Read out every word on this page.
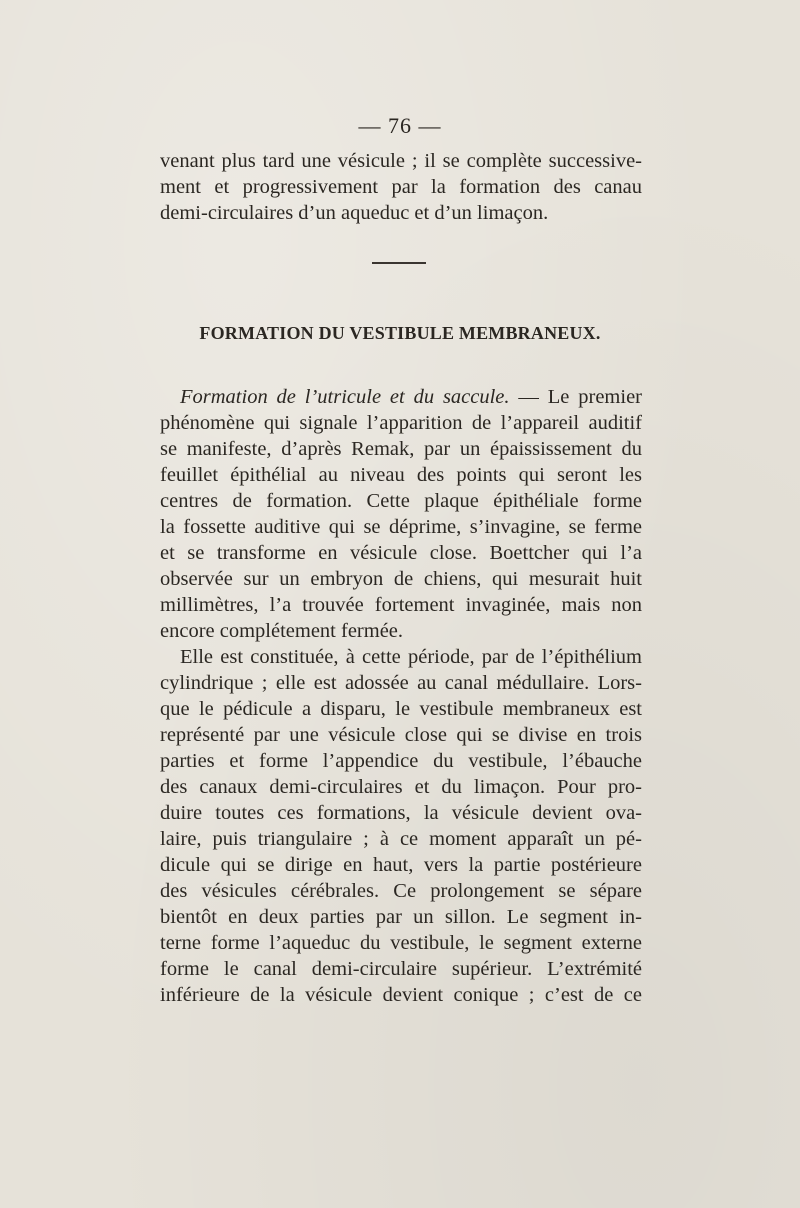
— 76 —
venant plus tard une vésicule ; il se complète successive-
ment et progressivement par la formation des canau
demi-circulaires d’un aqueduc et d’un limaçon.
FORMATION DU VESTIBULE MEMBRANEUX.
Formation de l’utricule et du saccule. — Le premier
phénomène qui signale l’apparition de l’appareil auditif
se manifeste, d’après Remak, par un épaississement du
feuillet épithélial au niveau des points qui seront les
centres de formation. Cette plaque épithéliale forme
la fossette auditive qui se déprime, s’invagine, se ferme
et se transforme en vésicule close. Boettcher qui l’a
observée sur un embryon de chiens, qui mesurait huit
millimètres, l’a trouvée fortement invaginée, mais non
encore complétement fermée.
Elle est constituée, à cette période, par de l’épithélium
cylindrique ; elle est adossée au canal médullaire. Lors-
que le pédicule a disparu, le vestibule membraneux est
représenté par une vésicule close qui se divise en trois
parties et forme l’appendice du vestibule, l’ébauche
des canaux demi-circulaires et du limaçon. Pour pro-
duire toutes ces formations, la vésicule devient ova-
laire, puis triangulaire ; à ce moment apparaît un pé-
dicule qui se dirige en haut, vers la partie postérieure
des vésicules cérébrales. Ce prolongement se sépare
bientôt en deux parties par un sillon. Le segment in-
terne forme l’aqueduc du vestibule, le segment externe
forme le canal demi-circulaire supérieur. L’extrémité
inférieure de la vésicule devient conique ; c’est de ce
